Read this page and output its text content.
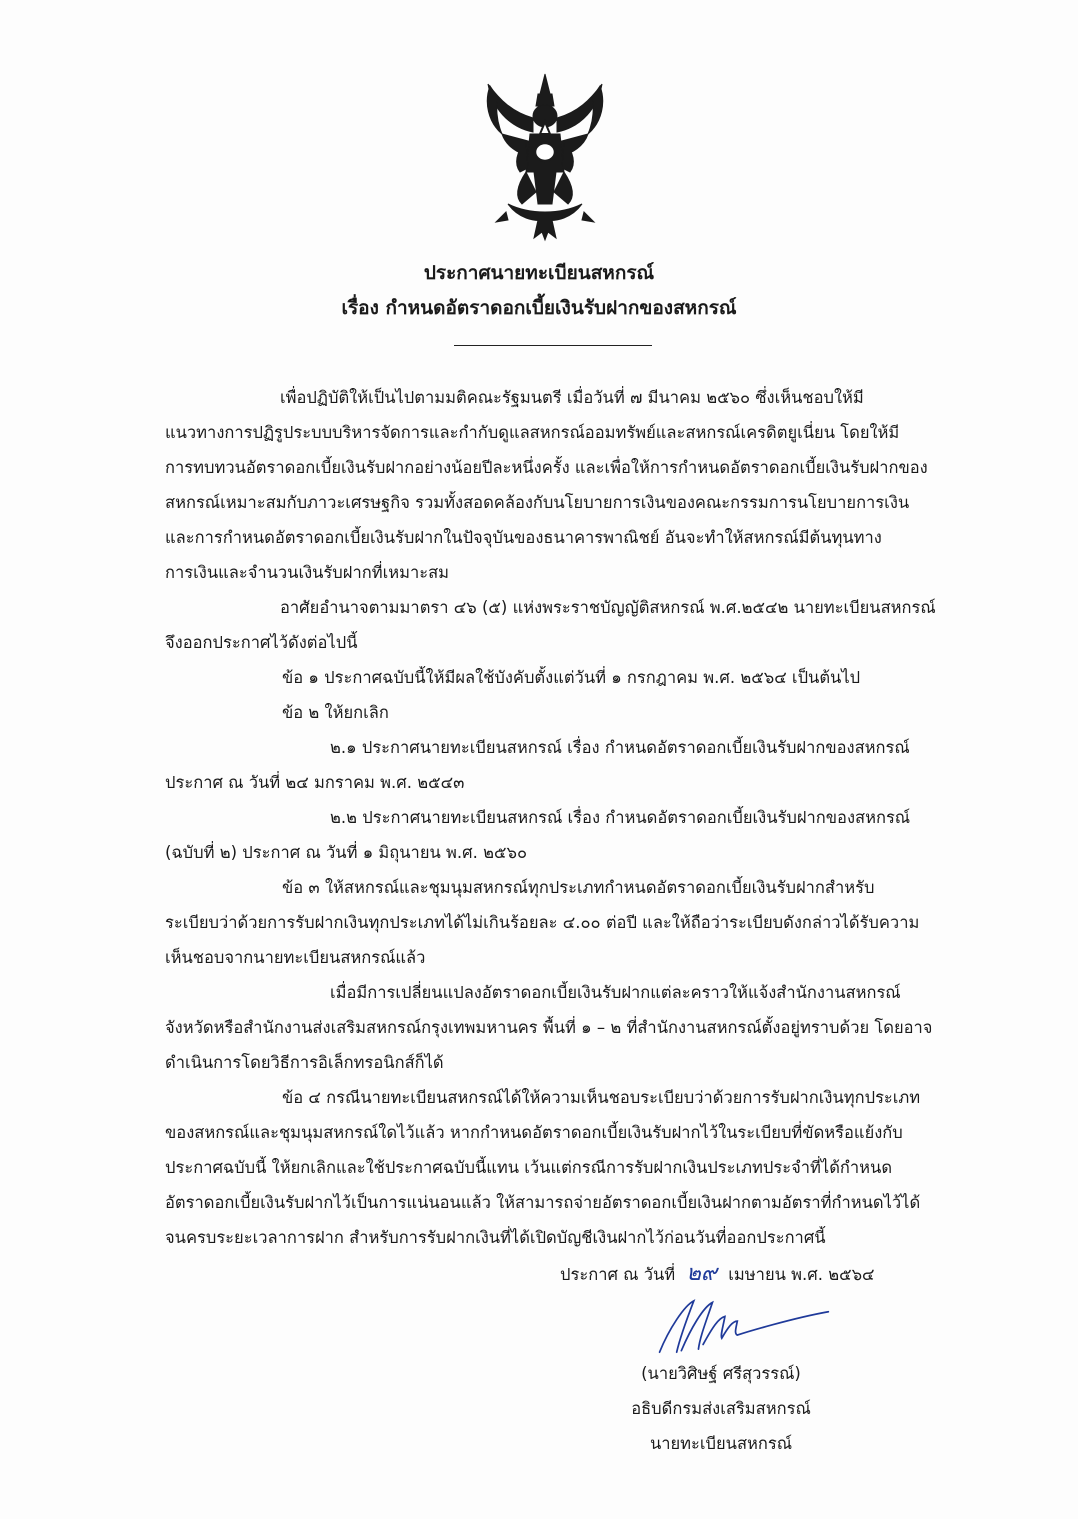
ประกาศนายทะเบียนสหกรณ์
เรื่อง กำหนดอัตราดอกเบี้ยเงินรับฝากของสหกรณ์
เพื่อปฏิบัติให้เป็นไปตามมติคณะรัฐมนตรี เมื่อวันที่ ๗ มีนาคม ๒๕๖๐ ซึ่งเห็นชอบให้มี
แนวทางการปฏิรูประบบบริหารจัดการและกำกับดูแลสหกรณ์ออมทรัพย์และสหกรณ์เครดิตยูเนี่ยน โดยให้มี
การทบทวนอัตราดอกเบี้ยเงินรับฝากอย่างน้อยปีละหนึ่งครั้ง และเพื่อให้การกำหนดอัตราดอกเบี้ยเงินรับฝากของ
สหกรณ์เหมาะสมกับภาวะเศรษฐกิจ รวมทั้งสอดคล้องกับนโยบายการเงินของคณะกรรมการนโยบายการเงิน
และการกำหนดอัตราดอกเบี้ยเงินรับฝากในปัจจุบันของธนาคารพาณิชย์ อันจะทำให้สหกรณ์มีต้นทุนทาง
การเงินและจำนวนเงินรับฝากที่เหมาะสม
อาศัยอำนาจตามมาตรา ๔๖ (๕) แห่งพระราชบัญญัติสหกรณ์ พ.ศ.๒๕๔๒ นายทะเบียนสหกรณ์
จึงออกประกาศไว้ดังต่อไปนี้
ข้อ ๑ ประกาศฉบับนี้ให้มีผลใช้บังคับตั้งแต่วันที่ ๑ กรกฎาคม พ.ศ. ๒๕๖๔ เป็นต้นไป
ข้อ ๒ ให้ยกเลิก
๒.๑ ประกาศนายทะเบียนสหกรณ์ เรื่อง กำหนดอัตราดอกเบี้ยเงินรับฝากของสหกรณ์
ประกาศ ณ วันที่ ๒๔ มกราคม พ.ศ. ๒๕๔๓
๒.๒ ประกาศนายทะเบียนสหกรณ์ เรื่อง กำหนดอัตราดอกเบี้ยเงินรับฝากของสหกรณ์
(ฉบับที่ ๒) ประกาศ ณ วันที่ ๑ มิถุนายน พ.ศ. ๒๕๖๐
ข้อ ๓ ให้สหกรณ์และชุมนุมสหกรณ์ทุกประเภทกำหนดอัตราดอกเบี้ยเงินรับฝากสำหรับ
ระเบียบว่าด้วยการรับฝากเงินทุกประเภทได้ไม่เกินร้อยละ ๔.๐๐ ต่อปี และให้ถือว่าระเบียบดังกล่าวได้รับความ
เห็นชอบจากนายทะเบียนสหกรณ์แล้ว
เมื่อมีการเปลี่ยนแปลงอัตราดอกเบี้ยเงินรับฝากแต่ละคราวให้แจ้งสำนักงานสหกรณ์
จังหวัดหรือสำนักงานส่งเสริมสหกรณ์กรุงเทพมหานคร พื้นที่ ๑ – ๒ ที่สำนักงานสหกรณ์ตั้งอยู่ทราบด้วย โดยอาจ
ดำเนินการโดยวิธีการอิเล็กทรอนิกส์ก็ได้
ข้อ ๔ กรณีนายทะเบียนสหกรณ์ได้ให้ความเห็นชอบระเบียบว่าด้วยการรับฝากเงินทุกประเภท
ของสหกรณ์และชุมนุมสหกรณ์ใดไว้แล้ว หากกำหนดอัตราดอกเบี้ยเงินรับฝากไว้ในระเบียบที่ขัดหรือแย้งกับ
ประกาศฉบับนี้ ให้ยกเลิกและใช้ประกาศฉบับนี้แทน เว้นแต่กรณีการรับฝากเงินประเภทประจำที่ได้กำหนด
อัตราดอกเบี้ยเงินรับฝากไว้เป็นการแน่นอนแล้ว ให้สามารถจ่ายอัตราดอกเบี้ยเงินฝากตามอัตราที่กำหนดไว้ได้
จนครบระยะเวลาการฝาก สำหรับการรับฝากเงินที่ได้เปิดบัญชีเงินฝากไว้ก่อนวันที่ออกประกาศนี้
ประกาศ ณ วันที่ ๒๙ เมษายน พ.ศ. ๒๕๖๔
(นายวิศิษฐ์ ศรีสุวรรณ์)
อธิบดีกรมส่งเสริมสหกรณ์
นายทะเบียนสหกรณ์
